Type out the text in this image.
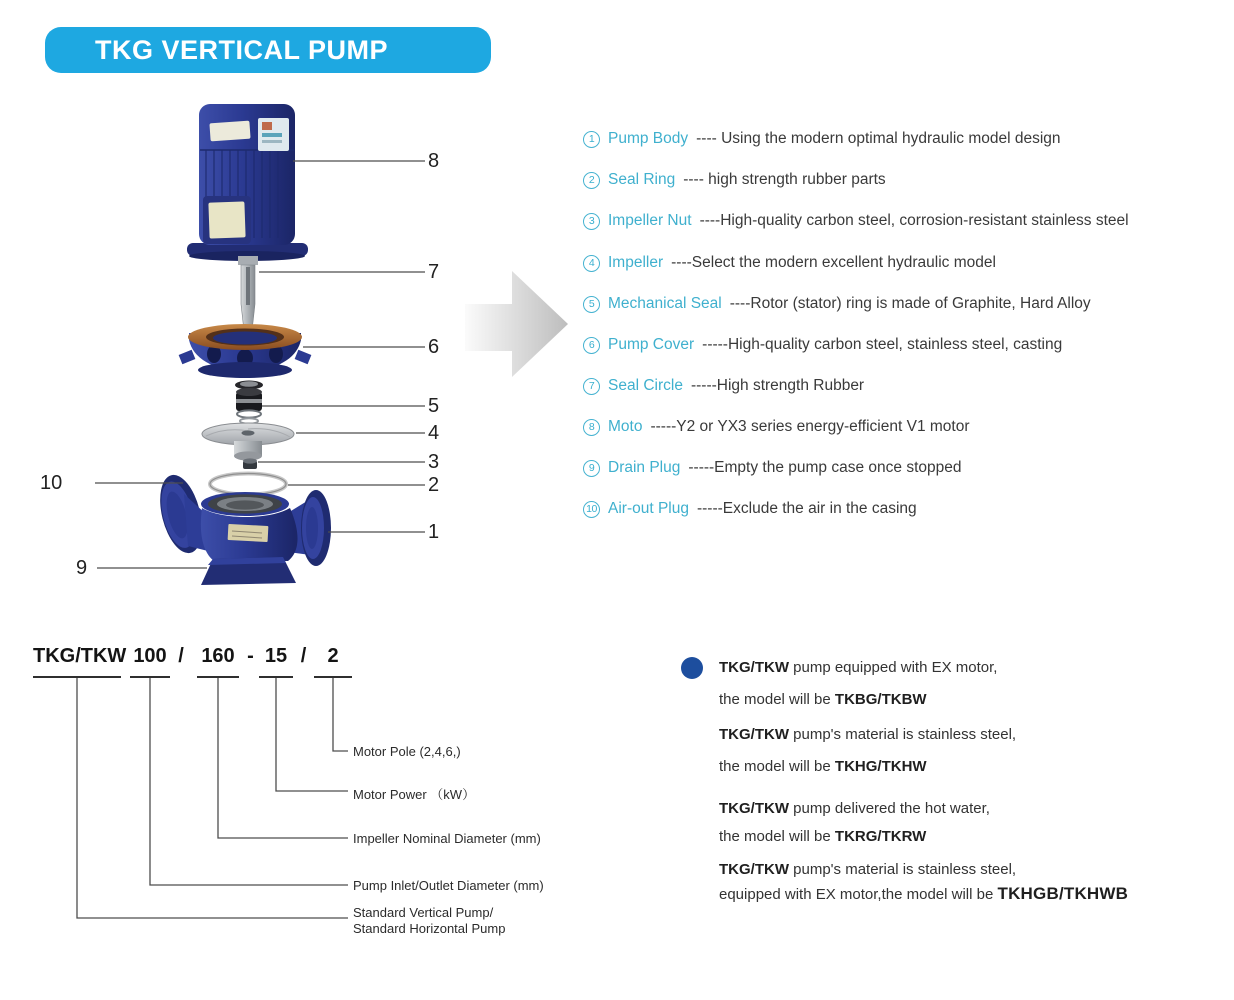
TKG VERTICAL PUMP
8
7
6
5
4
3
2
1
10
9
1 Pump Body ---- Using the modern optimal hydraulic model design
2 Seal Ring ---- high strength rubber parts
3 Impeller Nut ----High-quality carbon steel, corrosion-resistant stainless steel
4 Impeller ----Select the modern excellent hydraulic model
5 Mechanical Seal ----Rotor (stator) ring is made of Graphite, Hard Alloy
6 Pump Cover -----High-quality carbon steel, stainless steel, casting
7 Seal Circle -----High strength Rubber
8 Moto -----Y2 or YX3 series energy-efficient V1 motor
9 Drain Plug -----Empty the pump case once stopped
10 Air-out Plug -----Exclude the air in the casing
TKG/TKW 100 / 160 - 15 /	2
Motor Pole (2,4,6,)
Motor Power （kW）
Impeller Nominal Diameter (mm)
Pump Inlet/Outlet Diameter (mm)
Standard Vertical Pump/
Standard Horizontal Pump
TKG/TKW pump equipped with EX motor,
the model will be TKBG/TKBW
TKG/TKW pump's material is stainless steel,
the model will be TKHG/TKHW
TKG/TKW pump delivered the hot water,
the model will be TKRG/TKRW
TKG/TKW pump's material is stainless steel,
equipped with EX motor,the model will be TKHGB/TKHWB
